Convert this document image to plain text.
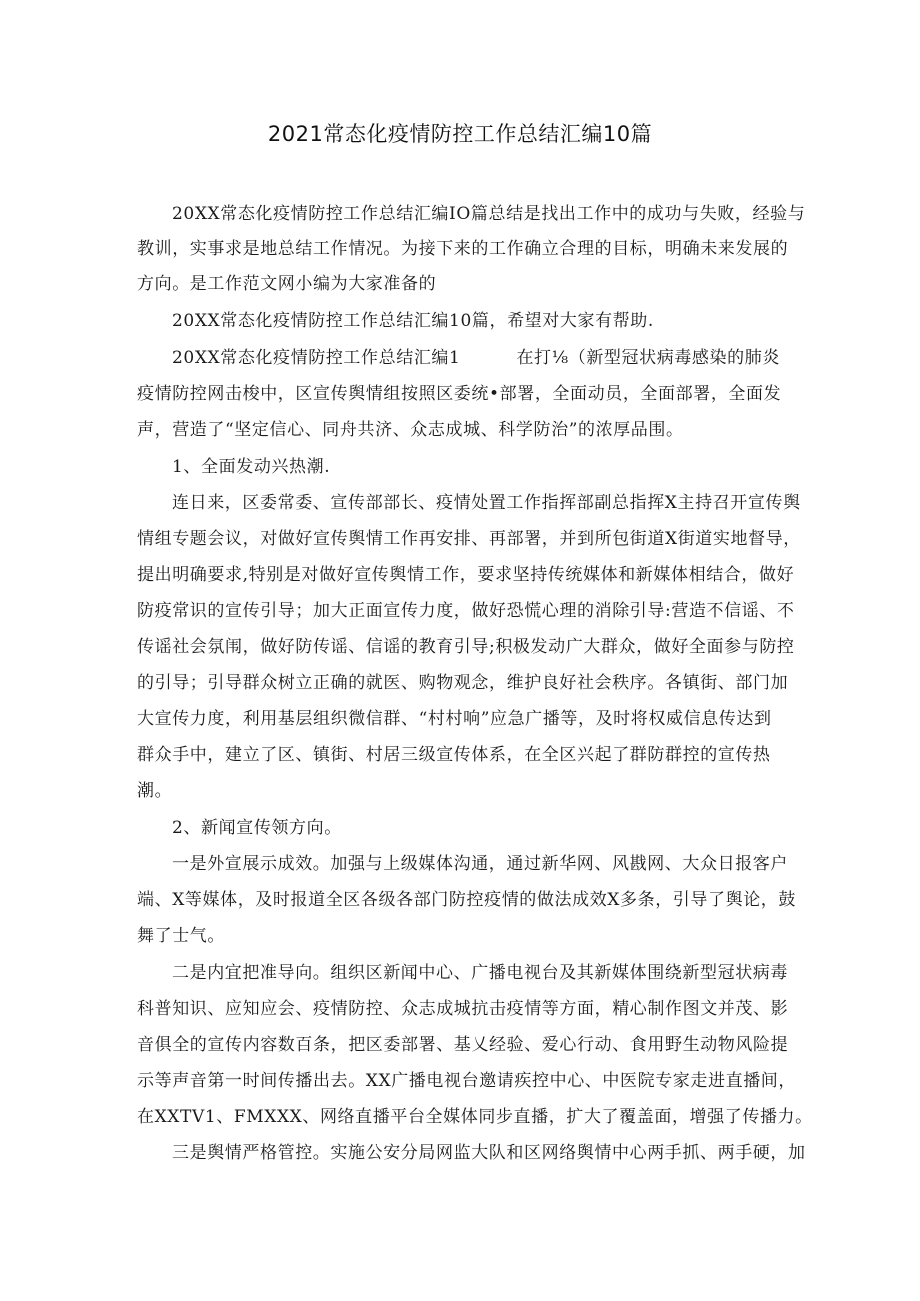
2021常态化疫情防控工作总结汇编10篇
20XX常态化疫情防控工作总结汇编IO篇总结是找出工作中的成功与失败，经验与
教训，实事求是地总结工作情况。为接下来的工作确立合理的目标，明确未来发展的
方向。是工作范文网小编为大家准备的
20XX常态化疫情防控工作总结汇编10篇，希望对大家有帮助.
20XX常态化疫情防控工作总结汇编1	在打⅛（新型冠状病毒感染的肺炎
疫情防控网击梭中，区宣传舆情组按照区委统•部署，全面动员，全面部署，全面发
声，营造了“坚定信心、同舟共济、众志成城、科学防治”的浓厚品围。
1、全面发动兴热潮.
连日来，区委常委、宣传部部长、疫情处置工作指挥部副总指挥X主持召开宣传舆
情组专题会议，对做好宣传舆情工作再安排、再部署，并到所包街道X街道实地督导，
提出明确要求,特别是对做好宣传舆情工作，要求坚持传统媒体和新媒体相结合，做好
防疫常识的宣传引导；加大正面宣传力度，做好恐慌心理的消除引导:营造不信谣、不
传谣社会氛闱，做好防传谣、信谣的教育引导;积极发动广大群众，做好全面参与防控
的引导；引导群众树立正确的就医、购物观念，维护良好社会秩序。各镇街、部门加
大宣传力度，利用基层组织微信群、“村村响”应急广播等，及时将权威信息传达到
群众手中，建立了区、镇街、村居三级宣传体系，在全区兴起了群防群控的宣传热
潮。
2、新闻宣传领方向。
一是外宣展示成效。加强与上级媒体沟通，通过新华网、风戡网、大众日报客户
端、X等媒体，及时报道全区各级各部门防控疫情的做法成效X多条，引导了舆论，鼓
舞了士气。
二是内宜把准导向。组织区新闻中心、广播电视台及其新媒体围绕新型冠状病毒
科普知识、应知应会、疫情防控、众志成城抗击疫情等方面，精心制作图文并茂、影
音俱全的宣传内容数百条，把区委部署、基乂经验、爱心行动、食用野生动物风险提
示等声音第一时间传播出去。XX广播电视台邀请疾控中心、中医院专家走进直播间，
在XXTV1、FMXXX、网络直播平台全媒体同步直播，扩大了覆盖面，增强了传播力。
三是舆情严格管控。实施公安分局网监大队和区网络舆情中心两手抓、两手硬，加
